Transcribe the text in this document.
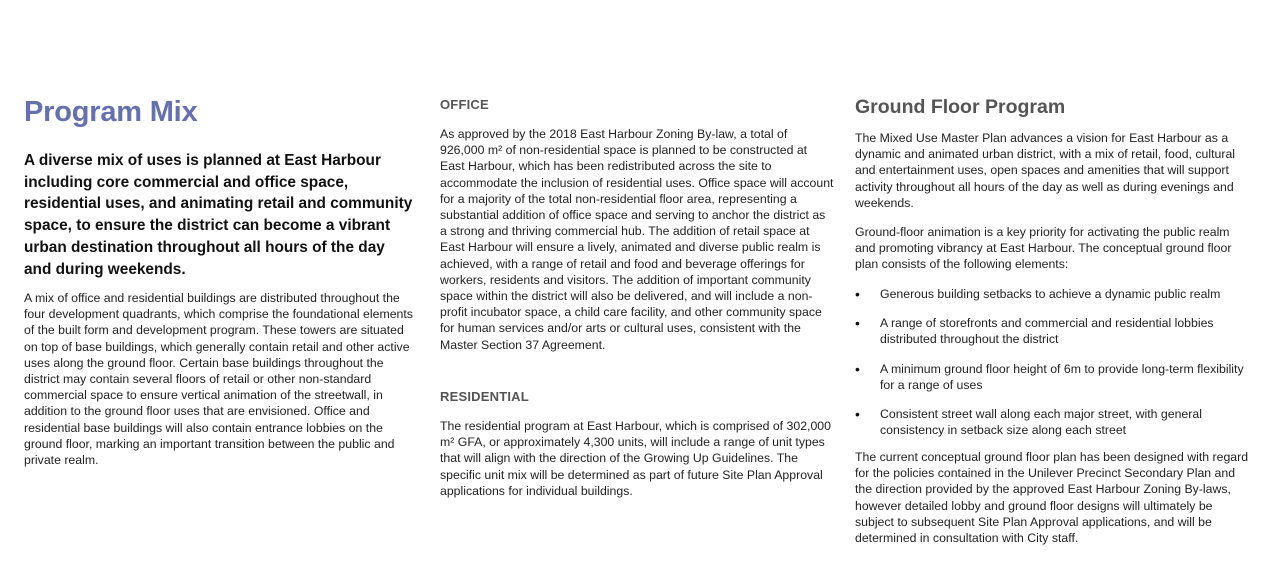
Program Mix

A diverse mix of uses is planned at East Harbour including core commercial and office space, residential uses, and animating retail and community space, to ensure the district can become a vibrant urban destination throughout all hours of the day and during weekends.

A mix of office and residential buildings are distributed throughout the four development quadrants, which comprise the foundational elements of the built form and development program. These towers are situated on top of base buildings, which generally contain retail and other active uses along the ground floor. Certain base buildings throughout the district may contain several floors of retail or other non-standard commercial space to ensure vertical animation of the streetwall, in addition to the ground floor uses that are envisioned. Office and residential base buildings will also contain entrance lobbies on the ground floor, marking an important transition between the public and private realm.

OFFICE

As approved by the 2018 East Harbour Zoning By-law, a total of 926,000 m² of non-residential space is planned to be constructed at East Harbour, which has been redistributed across the site to accommodate the inclusion of residential uses. Office space will account for a majority of the total non-residential floor area, representing a substantial addition of office space and serving to anchor the district as a strong and thriving commercial hub. The addition of retail space at East Harbour will ensure a lively, animated and diverse public realm is achieved, with a range of retail and food and beverage offerings for workers, residents and visitors. The addition of important community space within the district will also be delivered, and will include a non-profit incubator space, a child care facility, and other community space for human services and/or arts or cultural uses, consistent with the Master Section 37 Agreement.

RESIDENTIAL

The residential program at East Harbour, which is comprised of 302,000 m² GFA, or approximately 4,300 units, will include a range of unit types that will align with the direction of the Growing Up Guidelines. The specific unit mix will be determined as part of future Site Plan Approval applications for individual buildings.

Ground Floor Program

The Mixed Use Master Plan advances a vision for East Harbour as a dynamic and animated urban district, with a mix of retail, food, cultural and entertainment uses, open spaces and amenities that will support activity throughout all hours of the day as well as during evenings and weekends.

Ground-floor animation is a key priority for activating the public realm and promoting vibrancy at East Harbour. The conceptual ground floor plan consists of the following elements:

• Generous building setbacks to achieve a dynamic public realm
• A range of storefronts and commercial and residential lobbies distributed throughout the district
• A minimum ground floor height of 6m to provide long-term flexibility for a range of uses
• Consistent street wall along each major street, with general consistency in setback size along each street

The current conceptual ground floor plan has been designed with regard for the policies contained in the Unilever Precinct Secondary Plan and the direction provided by the approved East Harbour Zoning By-laws, however detailed lobby and ground floor designs will ultimately be subject to subsequent Site Plan Approval applications, and will be determined in consultation with City staff.
